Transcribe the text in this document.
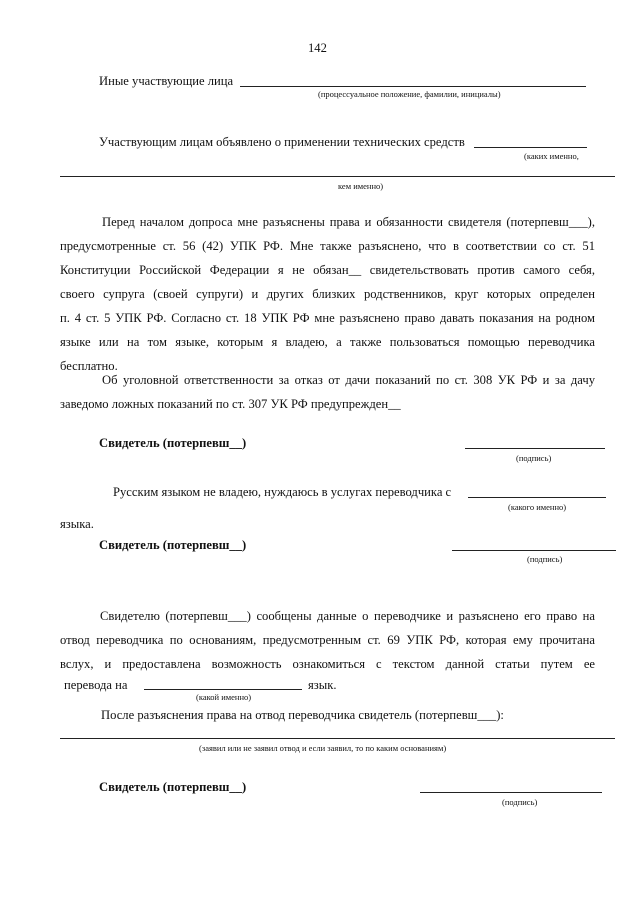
142
Иные участвующие лица
(процессуальное положение, фамилии, инициалы)
Участвующим лицам объявлено о применении технических средств
(каких именно,
кем именно)
Перед началом допроса мне разъяснены права и обязанности свидетеля (потерпевш___),
предусмотренные ст. 56 (42) УПК РФ. Мне также разъяснено, что в соответствии со ст. 51
Конституции Российской Федерации я не обязан__ свидетельствовать против самого себя,
своего супруга (своей супруги) и других близких родственников, круг которых определен
п. 4 ст. 5 УПК РФ. Согласно ст. 18 УПК РФ мне разъяснено право давать показания на родном
языке или на том языке, которым я владею, а также пользоваться помощью переводчика
бесплатно.
Об уголовной ответственности за отказ от дачи показаний по ст. 308 УК РФ и за дачу
заведомо ложных показаний по ст. 307 УК РФ предупрежден__
Свидетель (потерпевш__)
(подпись)
Русским языком не владею, нуждаюсь в услугах переводчика с
(какого именно)
языка.
Свидетель (потерпевш__)
(подпись)
Свидетелю (потерпевш___) сообщены данные о переводчике и разъяснено его право на
отвод переводчика по основаниям, предусмотренным ст. 69 УПК РФ, которая ему прочитана
вслух, и предоставлена возможность ознакомиться с текстом данной статьи путем ее
перевода на	язык.
(какой именно)
После разъяснения права на отвод переводчика свидетель (потерпевш___):
(заявил или не заявил отвод и если заявил, то по каким основаниям)
Свидетель (потерпевш__)
(подпись)
